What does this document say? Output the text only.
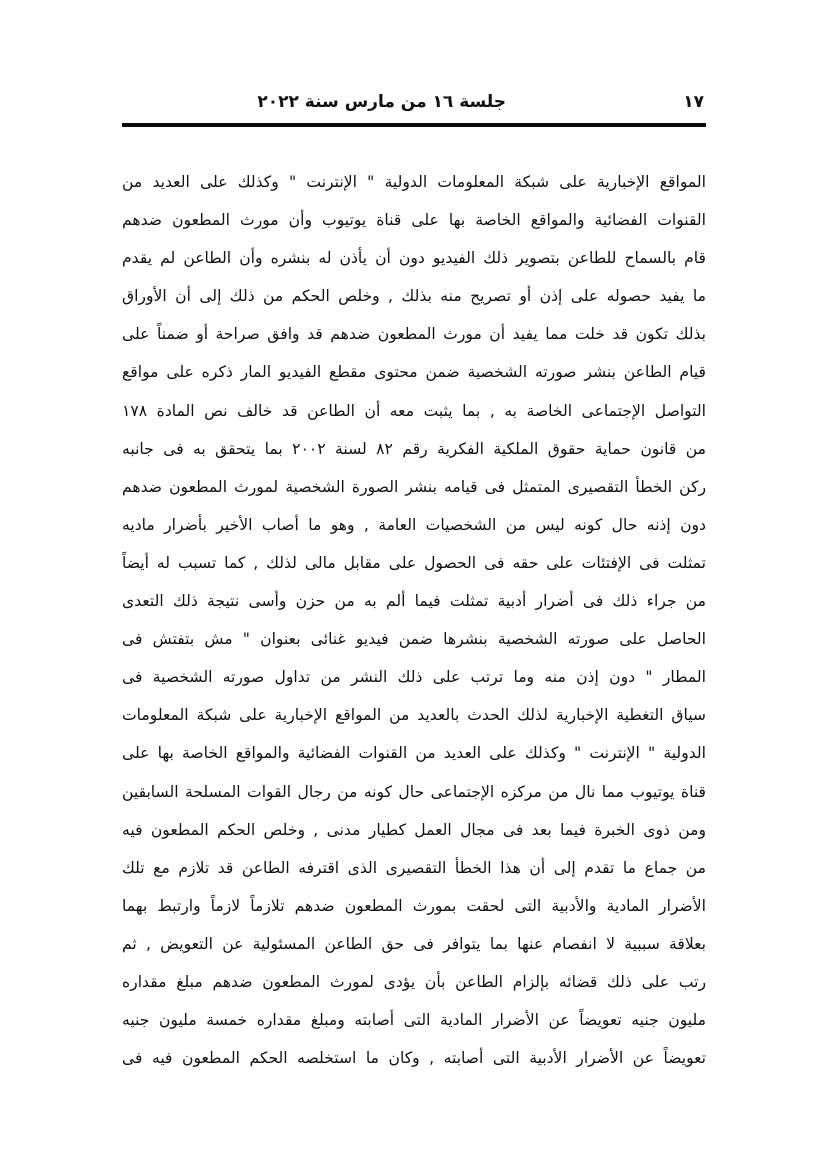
١٧
جلسة ١٦ من مارس سنة ٢٠٢٢
المواقع الإخبارية على شبكة المعلومات الدولية " الإنترنت " وكذلك على العديد من
القنوات الفضائية والمواقع الخاصة بها على قناة يوتيوب وأن مورث المطعون ضدهم
قام بالسماح للطاعن بتصوير ذلك الفيديو دون أن يأذن له بنشره وأن الطاعن لم يقدم
ما يفيد حصوله على إذن أو تصريح منه بذلك , وخلص الحكم من ذلك إلى أن الأوراق
بذلك تكون قد خلت مما يفيد أن مورث المطعون ضدهم قد وافق صراحة أو ضمناً على
قيام الطاعن بنشر صورته الشخصية ضمن محتوى مقطع الفيديو المار ذكره على مواقع
التواصل الإجتماعى الخاصة به , بما يثبت معه أن الطاعن قد خالف نص المادة ١٧٨
من قانون حماية حقوق الملكية الفكرية رقم ٨٢ لسنة ٢٠٠٢ بما يتحقق به فى جانبه
ركن الخطأ التقصيرى المتمثل فى قيامه بنشر الصورة الشخصية لمورث المطعون ضدهم
دون إذنه حال كونه ليس من الشخصيات العامة , وهو ما أصاب الأخير بأضرار ماديه
تمثلت فى الإفتئات على حقه فى الحصول على مقابل مالى لذلك , كما تسبب له أيضاً
من جراء ذلك فى أضرار أدبية تمثلت فيما ألم به من حزن وأسى نتيجة ذلك التعدى
الحاصل على صورته الشخصية بنشرها ضمن فيديو غنائى بعنوان " مش بتفتش فى
المطار " دون إذن منه وما ترتب على ذلك النشر من تداول صورته الشخصية فى
سياق التغطية الإخبارية لذلك الحدث بالعديد من المواقع الإخبارية على شبكة المعلومات
الدولية " الإنترنت " وكذلك على العديد من القنوات الفضائية والمواقع الخاصة بها على
قناة يوتيوب مما نال من مركزه الإجتماعى حال كونه من رجال القوات المسلحة السابقين
ومن ذوى الخبرة فيما بعد فى مجال العمل كطيار مدنى , وخلص الحكم المطعون فيه
من جماع ما تقدم إلى أن هذا الخطأ التقصيرى الذى اقترفه الطاعن قد تلازم مع تلك
الأضرار المادية والأدبية التى لحقت بمورث المطعون ضدهم تلازماً لازماً وارتبط بهما
بعلاقة سببية لا انفصام عنها بما يتوافر فى حق الطاعن المسئولية عن التعويض , ثم
رتب على ذلك قضائه بإلزام الطاعن بأن يؤدى لمورث المطعون ضدهم مبلغ مقداره
مليون جنيه تعويضاً عن الأضرار المادية التى أصابته ومبلغ مقداره خمسة مليون جنيه
تعويضاً عن الأضرار الأدبية التى أصابته , وكان ما استخلصه الحكم المطعون فيه فى
